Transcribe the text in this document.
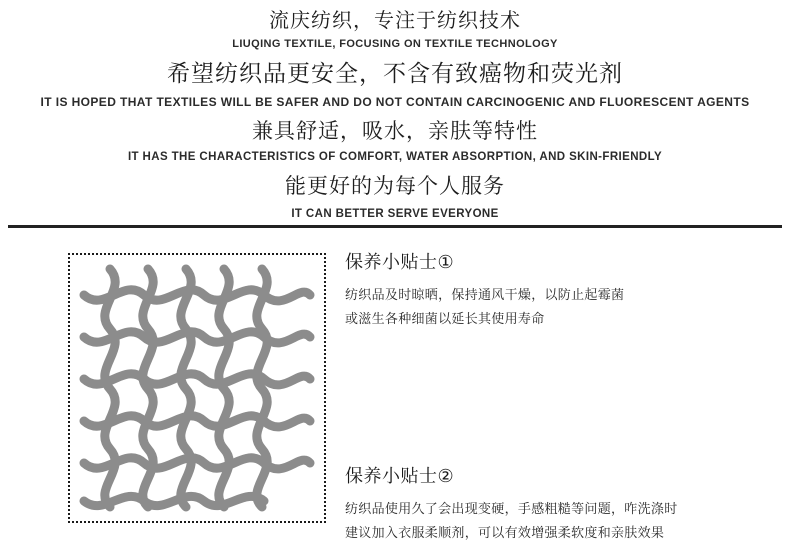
流庆纺织，专注于纺织技术
LIUQING TEXTILE, FOCUSING ON TEXTILE TECHNOLOGY
希望纺织品更安全，不含有致癌物和荧光剂
IT IS HOPED THAT TEXTILES WILL BE SAFER AND DO NOT CONTAIN CARCINOGENIC AND FLUORESCENT AGENTS
兼具舒适，吸水，亲肤等特性
IT HAS THE CHARACTERISTICS OF COMFORT, WATER ABSORPTION, AND SKIN-FRIENDLY
能更好的为每个人服务
IT CAN BETTER SERVE EVERYONE
保养小贴士①
纺织品及时晾晒，保持通风干燥，以防止起霉菌
或滋生各种细菌以延长其使用寿命
保养小贴士②
纺织品使用久了会出现变硬，手感粗糙等问题，咋洗涤时
建议加入衣服柔顺剂，可以有效增强柔软度和亲肤效果
